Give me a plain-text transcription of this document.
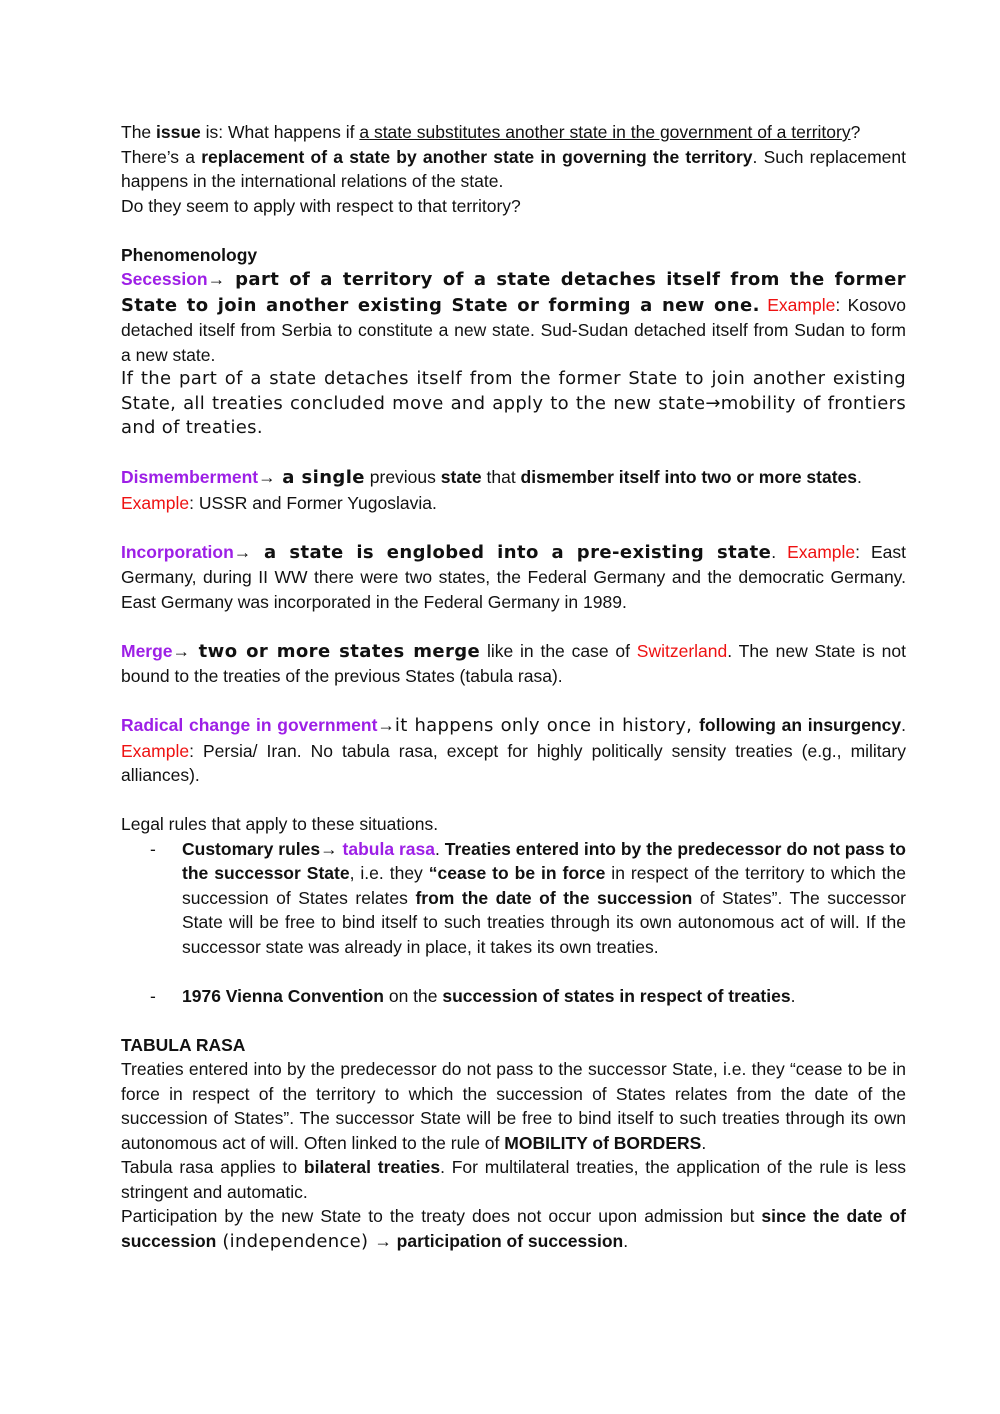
The issue is: What happens if a state substitutes another state in the government of a territory?

There’s a replacement of a state by another state in governing the territory. Such replacement happens in the international relations of the state.

Do they seem to apply with respect to that territory?

Phenomenology

Secession→ part of a territory of a state detaches itself from the former State to join another existing State or forming a new one. Example: Kosovo detached itself from Serbia to constitute a new state. Sud-Sudan detached itself from Sudan to form a new state.

If the part of a state detaches itself from the former State to join another existing State, all treaties concluded move and apply to the new state→mobility of frontiers and of treaties.

Dismemberment→ a single previous state that dismember itself into two or more states.
Example: USSR and Former Yugoslavia.

Incorporation→ a state is englobed into a pre-existing state. Example: East Germany, during II WW there were two states, the Federal Germany and the democratic Germany. East Germany was incorporated in the Federal Germany in 1989.

Merge→ two or more states merge like in the case of Switzerland. The new State is not bound to the treaties of the previous States (tabula rasa).

Radical change in government→it happens only once in history, following an insurgency. Example: Persia/ Iran. No tabula rasa, except for highly politically sensity treaties (e.g., military alliances).

Legal rules that apply to these situations.

- Customary rules→ tabula rasa. Treaties entered into by the predecessor do not pass to the successor State, i.e. they “cease to be in force in respect of the territory to which the succession of States relates from the date of the succession of States”. The successor State will be free to bind itself to such treaties through its own autonomous act of will. If the successor state was already in place, it takes its own treaties.
- 1976 Vienna Convention on the succession of states in respect of treaties.

TABULA RASA

Treaties entered into by the predecessor do not pass to the successor State, i.e. they “cease to be in force in respect of the territory to which the succession of States relates from the date of the succession of States”. The successor State will be free to bind itself to such treaties through its own autonomous act of will. Often linked to the rule of MOBILITY of BORDERS.

Tabula rasa applies to bilateral treaties. For multilateral treaties, the application of the rule is less stringent and automatic.

Participation by the new State to the treaty does not occur upon admission but since the date of succession (independence) → participation of succession.
